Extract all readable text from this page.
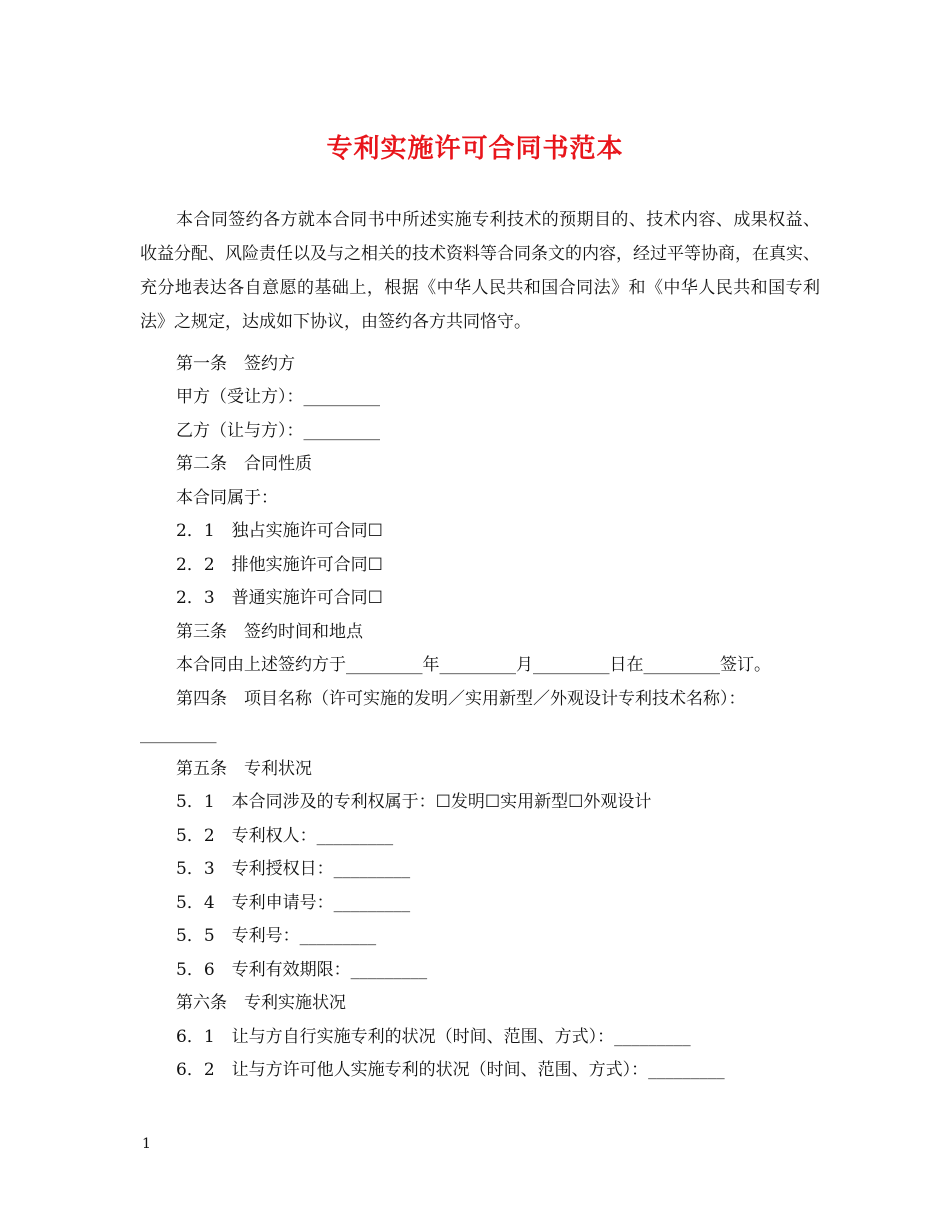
专利实施许可合同书范本

本合同签约各方就本合同书中所述实施专利技术的预期目的、技术内容、成果权益、收益分配、风险责任以及与之相关的技术资料等合同条文的内容，经过平等协商，在真实、充分地表达各自意愿的基础上，根据《中华人民共和国合同法》和《中华人民共和国专利法》之规定，达成如下协议，由签约各方共同恪守。

第一条　签约方

甲方（受让方）：_________

乙方（让与方）：_________

第二条　合同性质

本合同属于：

2．1　独占实施许可合同☐

2．2　排他实施许可合同☐

2．3　普通实施许可合同☐

第三条　签约时间和地点

本合同由上述签约方于_________年_________月_________日在_________签订。

第四条　项目名称（许可实施的发明／实用新型／外观设计专利技术名称）：

_________

第五条　专利状况

5．1　本合同涉及的专利权属于：☐发明☐实用新型☐外观设计

5．2　专利权人：_________

5．3　专利授权日：_________

5．4　专利申请号：_________

5．5　专利号：_________

5．6　专利有效期限：_________

第六条　专利实施状况

6．1　让与方自行实施专利的状况（时间、范围、方式）：_________

6．2　让与方许可他人实施专利的状况（时间、范围、方式）：_________

1
